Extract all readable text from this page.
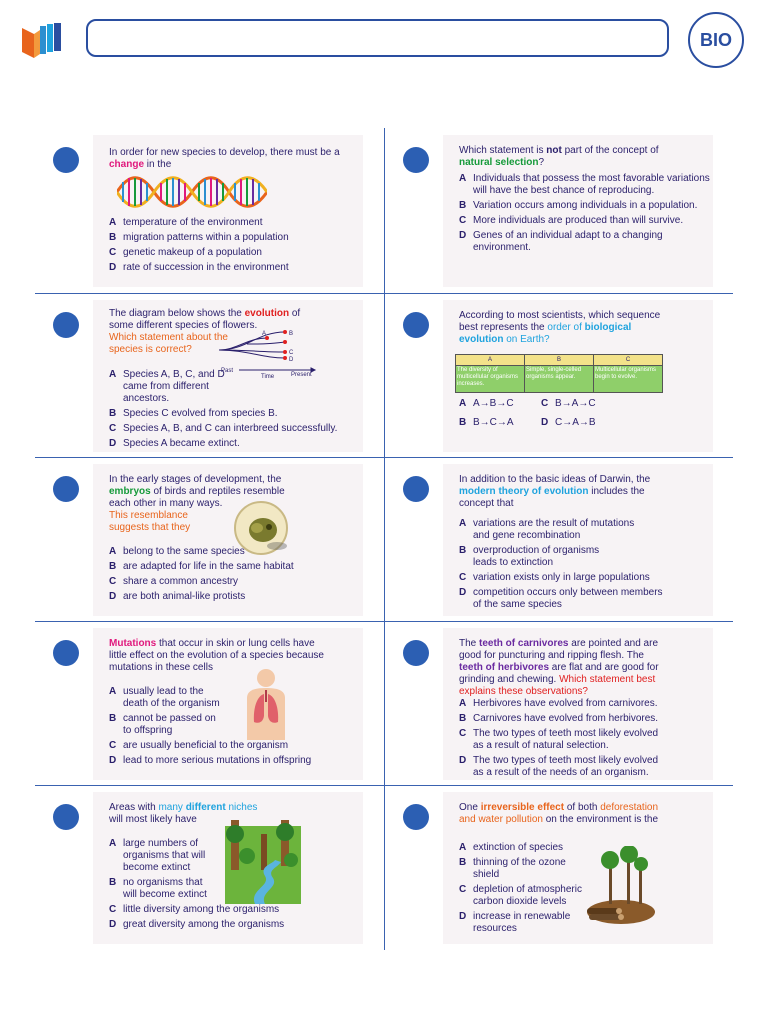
BIO
In order for new species to develop, there must be a change in the
A temperature of the environment
B migration patterns within a population
C genetic makeup of a population
D rate of succession in the environment
Which statement is not part of the concept of
natural selection?
A Individuals that possess the most favorable variations will have the best chance of reproducing.
B Variation occurs among individuals in a population.
C More individuals are produced than will survive.
D Genes of an individual adapt to a changing environment.
The diagram below shows the evolution of some different species of flowers.
Which statement about the species is correct?
A	B
C
D
Past
Time	Present
A Species A, B, C, and D came from different ancestors.
B Species C evolved from species B.
C Species A, B, and C can interbreed successfully.
D Species A became extinct.
According to most scientists, which sequence best represents the order of biological evolution on Earth?
A	B	C
The diversity of multicellular organisms increases.	Simple, single-celled organisms appear.	Multicellular organisms begin to evolve.
A A→B→C	C B→A→C
B B→C→A	D C→A→B
In the early stages of development, the
embryos of birds and reptiles resemble each other in many ways.
This resemblance suggests that they
A belong to the same species
B are adapted for life in the same habitat
C share a common ancestry
D are both animal-like protists
In addition to the basic ideas of Darwin, the
modern theory of evolution includes the concept that
A variations are the result of mutations and gene recombination
B overproduction of organisms leads to extinction
C variation exists only in large populations
D competition occurs only between members of the same species
Mutations that occur in skin or lung cells have little effect on the evolution of a species because mutations in these cells
A usually lead to the death of the organism
B cannot be passed on to offspring
C are usually beneficial to the organism
D lead to more serious mutations in offspring
The teeth of carnivores are pointed and are good for puncturing and ripping flesh. The teeth of herbivores are flat and are good for grinding and chewing. Which statement best explains these observations?
A Herbivores have evolved from carnivores.
B Carnivores have evolved from herbivores.
C The two types of teeth most likely evolved as a result of natural selection.
D The two types of teeth most likely evolved as a result of the needs of an organism.
Areas with many different niches
will most likely have
A large numbers of organisms that will become extinct
B no organisms that will become extinct
C little diversity among the organisms
D great diversity among the organisms
One irreversible effect of both deforestation and water pollution on the environment is the
A extinction of species
B thinning of the ozone shield
C depletion of atmospheric carbon dioxide levels
D increase in renewable resources
